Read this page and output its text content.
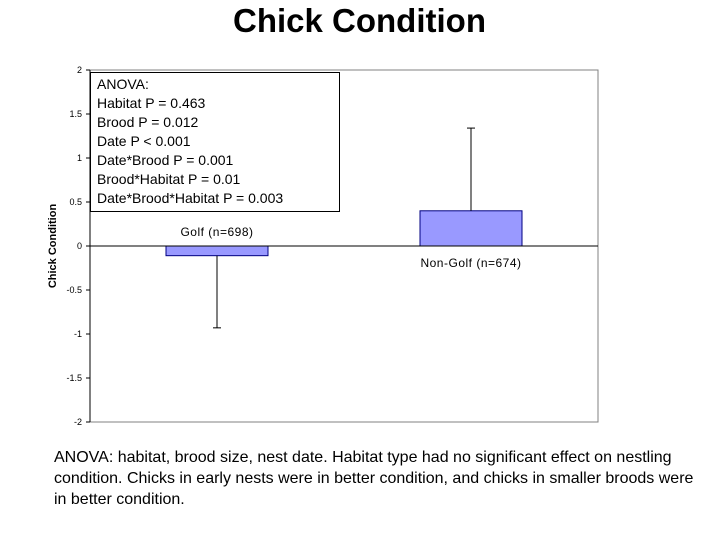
Chick Condition
2
1.5
1
0.5
0
-0.5
-1
-1.5
-2
Golf (n=698)
Non-Golf (n=674)
Chick Condition
ANOVA:
Habitat P = 0.463
Brood P = 0.012
Date P < 0.001
Date*Brood P = 0.001
Brood*Habitat P = 0.01
Date*Brood*Habitat P = 0.003
ANOVA: habitat, brood size, nest date. Habitat type had no significant effect on nestling condition. Chicks in early nests were in better condition, and chicks in smaller broods were in better condition.
